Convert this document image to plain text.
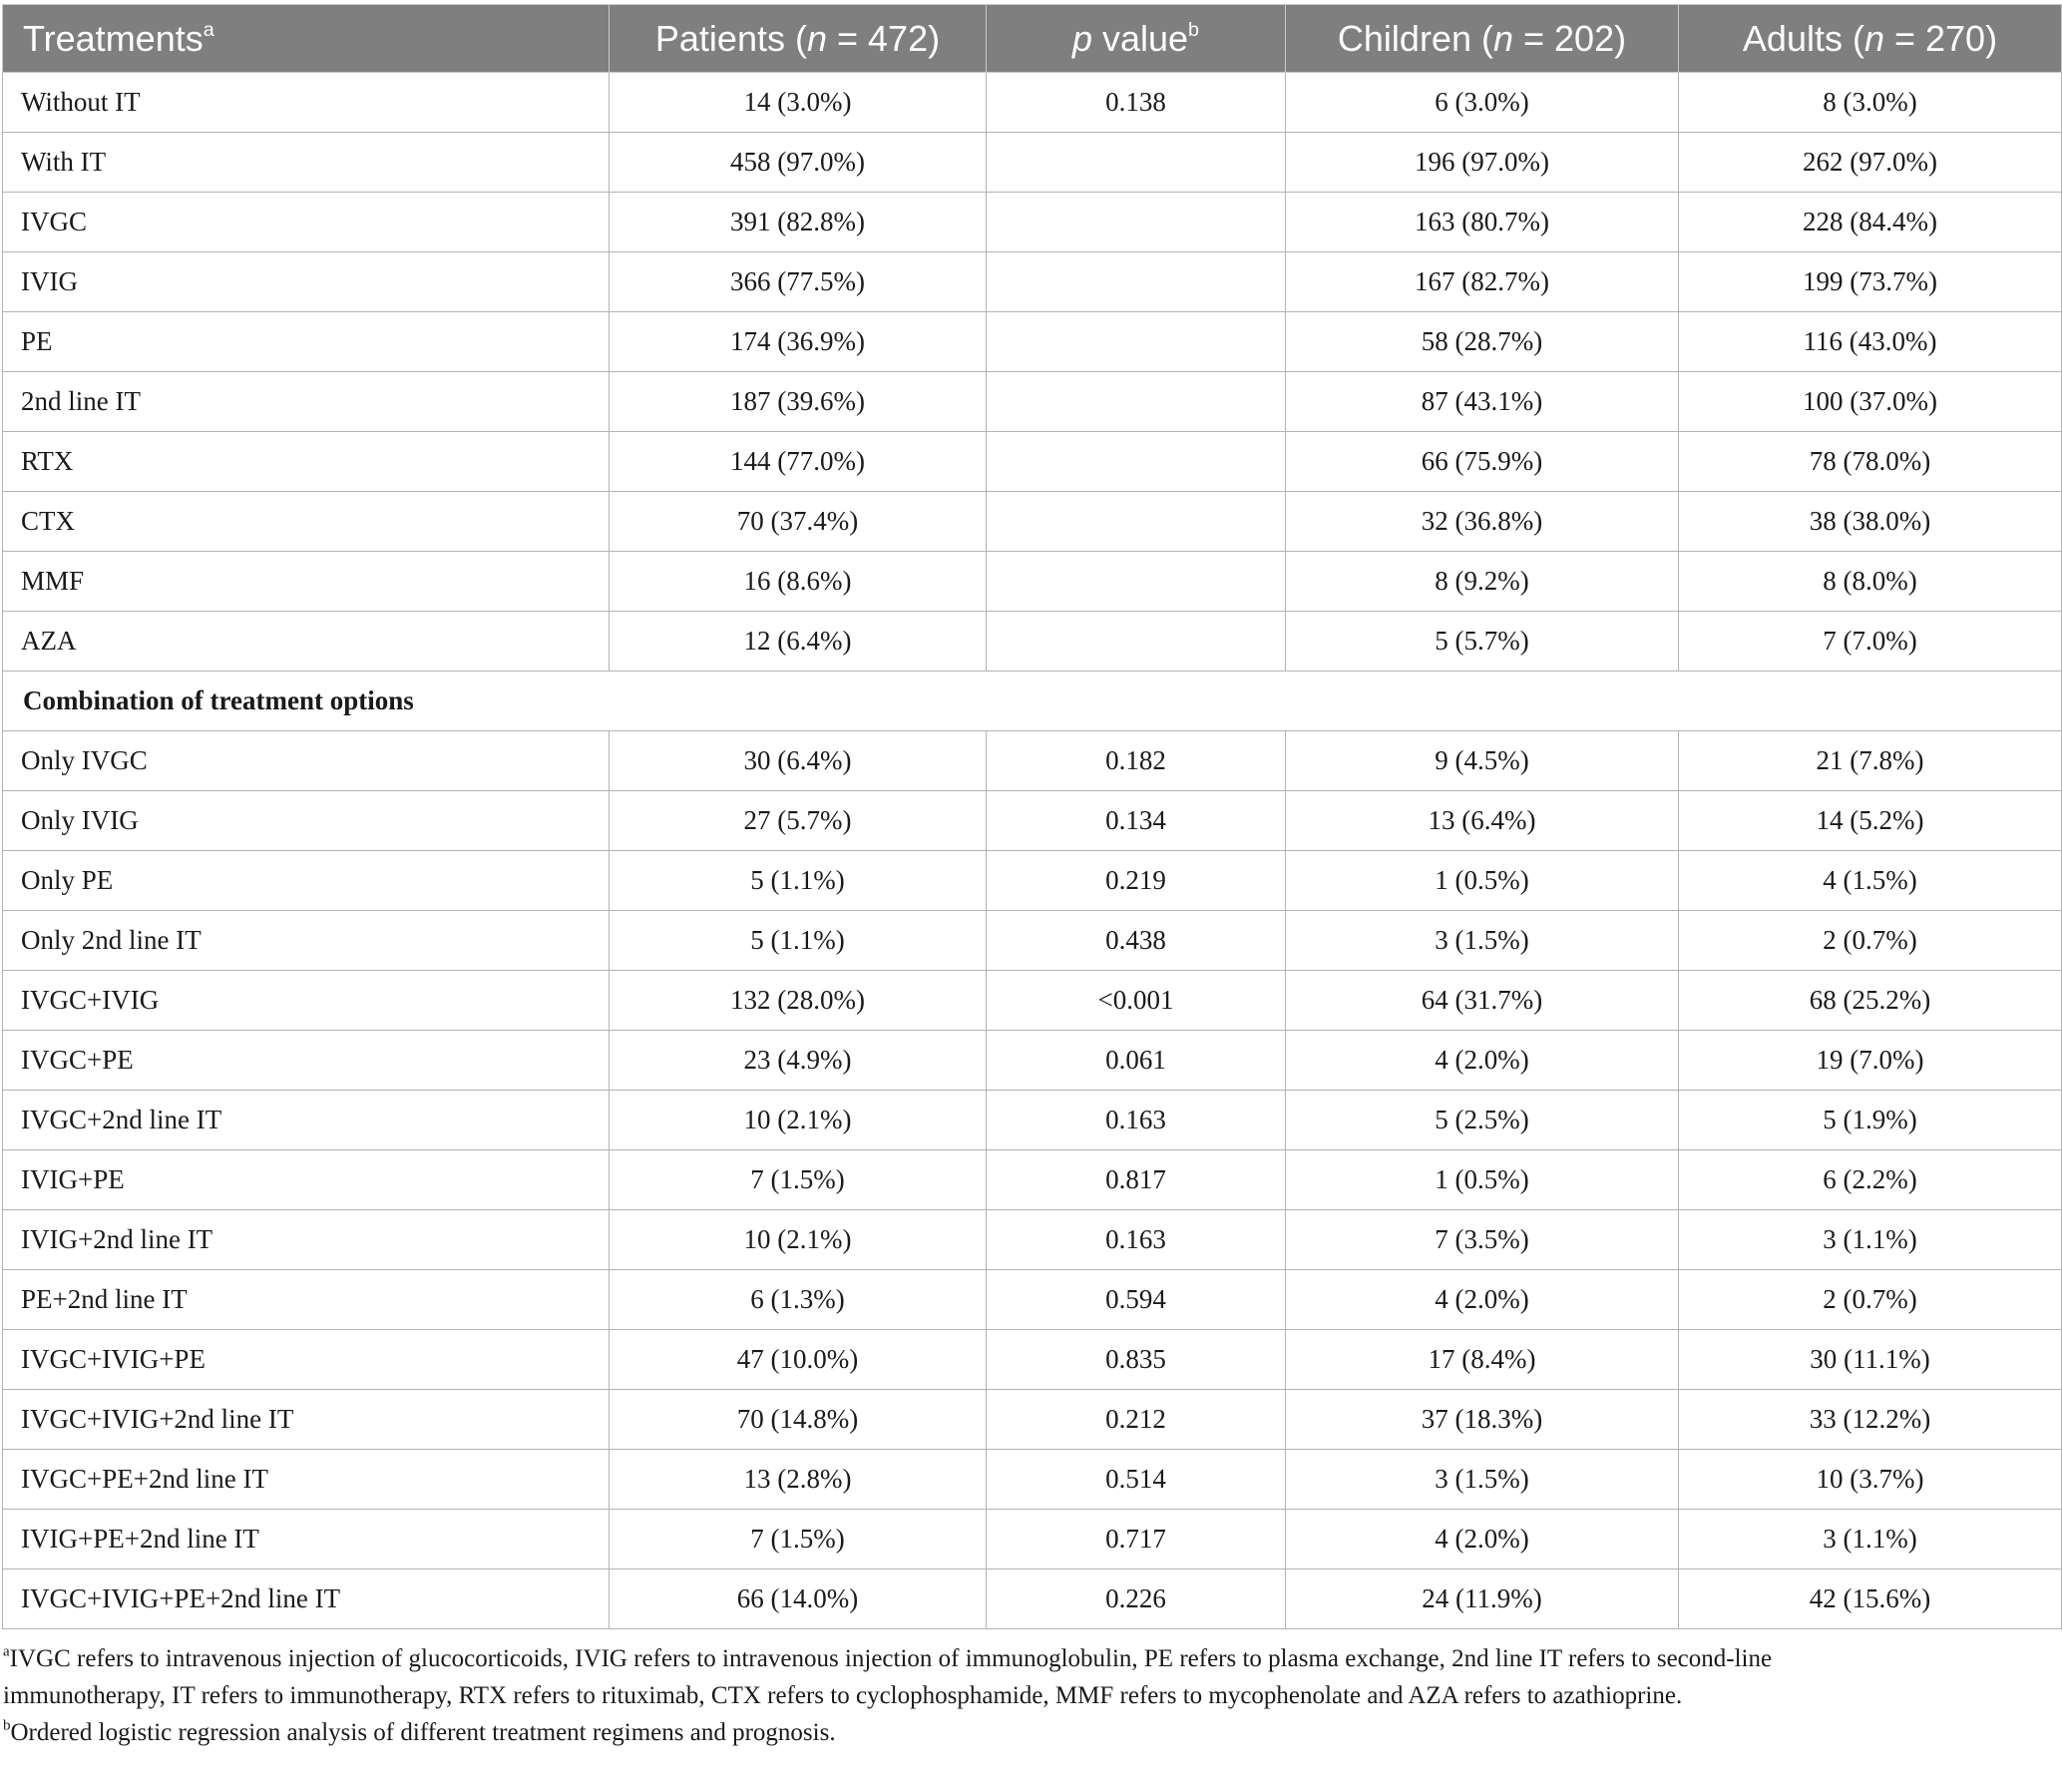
Treatments$^a$	Patients (n = 472)	p value$^b$	Children (n = 202)	Adults (n = 270)
Without IT	14 (3.0%)	0.138	6 (3.0%)	8 (3.0%)
With IT	458 (97.0%)		196 (97.0%)	262 (97.0%)
IVGC	391 (82.8%)		163 (80.7%)	228 (84.4%)
IVIG	366 (77.5%)		167 (82.7%)	199 (73.7%)
PE	174 (36.9%)		58 (28.7%)	116 (43.0%)
2nd line IT	187 (39.6%)		87 (43.1%)	100 (37.0%)
RTX	144 (77.0%)		66 (75.9%)	78 (78.0%)
CTX	70 (37.4%)		32 (36.8%)	38 (38.0%)
MMF	16 (8.6%)		8 (9.2%)	8 (8.0%)
AZA	12 (6.4%)		5 (5.7%)	7 (7.0%)
Combination of treatment options				
Only IVGC	30 (6.4%)	0.182	9 (4.5%)	21 (7.8%)
Only IVIG	27 (5.7%)	0.134	13 (6.4%)	14 (5.2%)
Only PE	5 (1.1%)	0.219	1 (0.5%)	4 (1.5%)
Only 2nd line IT	5 (1.1%)	0.438	3 (1.5%)	2 (0.7%)
IVGC+IVIG	132 (28.0%)	<0.001	64 (31.7%)	68 (25.2%)
IVGC+PE	23 (4.9%)	0.061	4 (2.0%)	19 (7.0%)
IVGC+2nd line IT	10 (2.1%)	0.163	5 (2.5%)	5 (1.9%)
IVIG+PE	7 (1.5%)	0.817	1 (0.5%)	6 (2.2%)
IVIG+2nd line IT	10 (2.1%)	0.163	7 (3.5%)	3 (1.1%)
PE+2nd line IT	6 (1.3%)	0.594	4 (2.0%)	2 (0.7%)
IVGC+IVIG+PE	47 (10.0%)	0.835	17 (8.4%)	30 (11.1%)
IVGC+IVIG+2nd line IT	70 (14.8%)	0.212	37 (18.3%)	33 (12.2%)
IVGC+PE+2nd line IT	13 (2.8%)	0.514	3 (1.5%)	10 (3.7%)
IVIG+PE+2nd line IT	7 (1.5%)	0.717	4 (2.0%)	3 (1.1%)
IVGC+IVIG+PE+2nd line IT	66 (14.0%)	0.226	24 (11.9%)	42 (15.6%)
$^a$IVGC refers to intravenous injection of glucocorticoids, IVIG refers to intravenous injection of immunoglobulin, PE refers to plasma exchange, 2nd line IT refers to second-line
immunotherapy, IT refers to immunotherapy, RTX refers to rituximab, CTX refers to cyclophosphamide, MMF refers to mycophenolate and AZA refers to azathioprine.
$^b$Ordered logistic regression analysis of different treatment regimens and prognosis.
